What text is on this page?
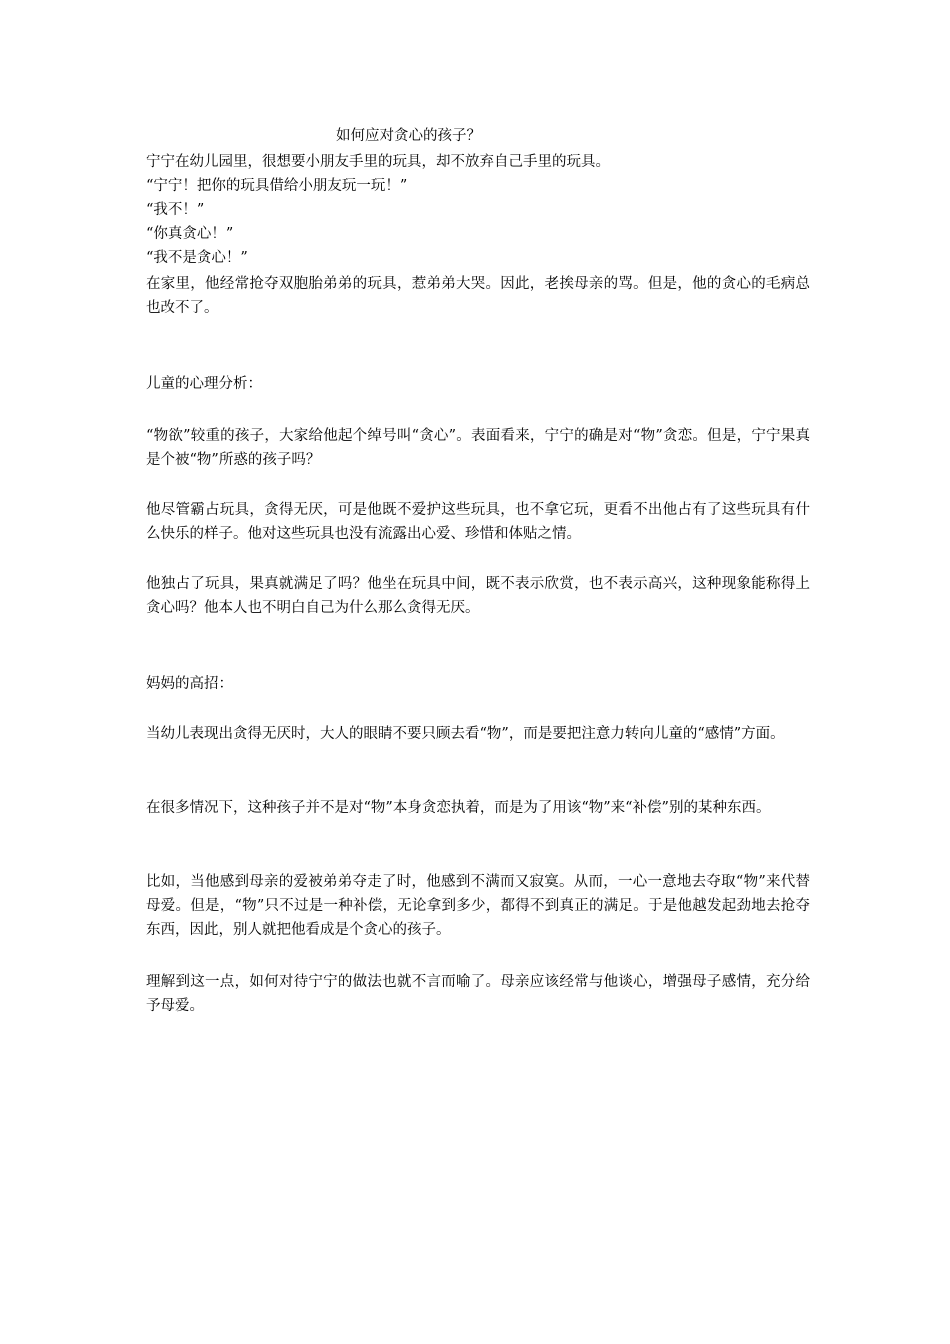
如何应对贪心的孩子？

宁宁在幼儿园里，很想要小朋友手里的玩具，却不放弃自己手里的玩具。

“宁宁！把你的玩具借给小朋友玩一玩！”

“我不！”

“你真贪心！”

“我不是贪心！”

在家里，他经常抢夺双胞胎弟弟的玩具，惹弟弟大哭。因此，老挨母亲的骂。但是，他的贪心的毛病总也改不了。

儿童的心理分析：

“物欲”较重的孩子，大家给他起个绰号叫“贪心”。表面看来，宁宁的确是对“物”贪恋。但是，宁宁果真是个被“物”所惑的孩子吗？

他尽管霸占玩具，贪得无厌，可是他既不爱护这些玩具，也不拿它玩，更看不出他占有了这些玩具有什么快乐的样子。他对这些玩具也没有流露出心爱、珍惜和体贴之情。

他独占了玩具，果真就满足了吗？他坐在玩具中间，既不表示欣赏，也不表示高兴，这种现象能称得上贪心吗？他本人也不明白自己为什么那么贪得无厌。

妈妈的高招：

当幼儿表现出贪得无厌时，大人的眼睛不要只顾去看“物”，而是要把注意力转向儿童的“感情”方面。

在很多情况下，这种孩子并不是对“物”本身贪恋执着，而是为了用该“物”来“补偿”别的某种东西。

比如，当他感到母亲的爱被弟弟夺走了时，他感到不满而又寂寞。从而，一心一意地去夺取“物”来代替母爱。但是，“物”只不过是一种补偿，无论拿到多少，都得不到真正的满足。于是他越发起劲地去抢夺东西，因此，别人就把他看成是个贪心的孩子。

理解到这一点，如何对待宁宁的做法也就不言而喻了。母亲应该经常与他谈心，增强母子感情，充分给予母爱。
